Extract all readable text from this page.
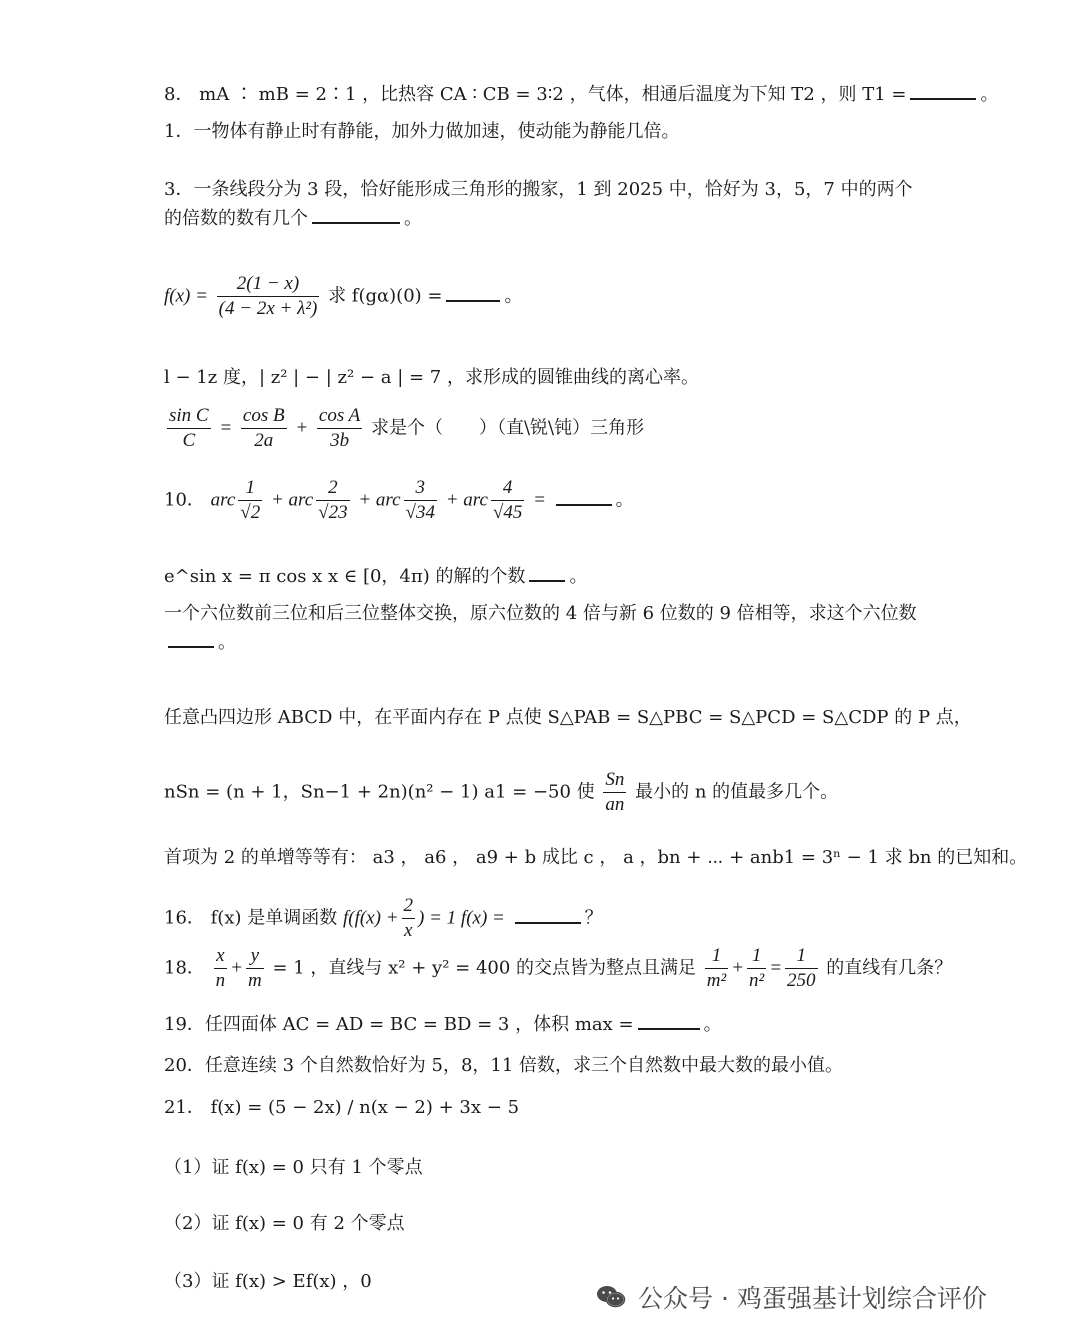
8． mA ∶ mB = 2∶1 ，比热容 CA ∶ CB = 3∶2 ，气体，相通后温度为下知 T2 ，则 T1 =	。
1．一物体有静止时有静能，加外力做加速，使动能为静能几倍。
3．一条线段分为 3 段，恰好能形成三角形的搬家，1 到 2025 中，恰好为 3，5，7 中的两个的倍数的数有几个	。
$f(x) = \frac{2(1 - x)}{\text{(4 − 2x + λ²)}}$ 求 f(gα)(0) =	。
l − 1z 度，| z² | − | z² − a | = 7 ，求形成的圆锥曲线的离心率。
$\frac{\text{sin C}}{C} = \frac{\text{cos B}}{2a} + \frac{\text{cos A}}{3b}$ 求是个（　　）（直\锐\钝）三角形
10． arc $\frac{1}{√2}$ + arc $\frac{2}{√23}$ + arc $\frac{3}{√34}$ + arc $\frac{4}{√45}$ =	。
e^sin x = π cos x x ∈ [0，4π) 的解的个数 。
一个六位数前三位和后三位整体交换，原六位数的 4 倍与新 6 位数的 9 倍相等，求这个六位数。
任意凸四边形 ABCD 中，在平面内存在 P 点使 S△PAB = S△PBC = S△PCD = S△CDP 的 P 点，
nSn = (n + 1，Sn−1 + 2n)(n² − 1) a1 = −50 使 $\frac{Sn}{an}$ 最小的 n 的值最多几个。
首项为 2 的单增等等有： a3 ， a6 ， a9 + b 成比 c ， a ，bn + ⋯ + anb1 = 3ⁿ − 1 求 bn 的已知和。
16． f(x) 是单调函数 $f(f(x) + \frac{2}{x}$ ) = 1 f(x) =	？
18． $\frac{x}{n} + \frac{y}{m} = 1$ ，直线与 x² + y² = 400 的交点皆为整点且满足 $\frac{1}{\text{m²}} + \frac{1}{\text{n²}} = \frac{1}{250}$ 的直线有几条？
19．任四面体 AC = AD = BC = BD = 3 ，体积 max =	。
20．任意连续 3 个自然数恰好为 5，8，11 倍数，求三个自然数中最大数的最小值。
21． f(x) = (5 − 2x) / n(x − 2) + 3x − 5
（1）证 f(x) = 0 只有 1 个零点
（2）证 f(x) = 0 有 2 个零点
（3）证 f(x) > Ef(x) ，0
公众号 · 鸡蛋强基计划综合评价
